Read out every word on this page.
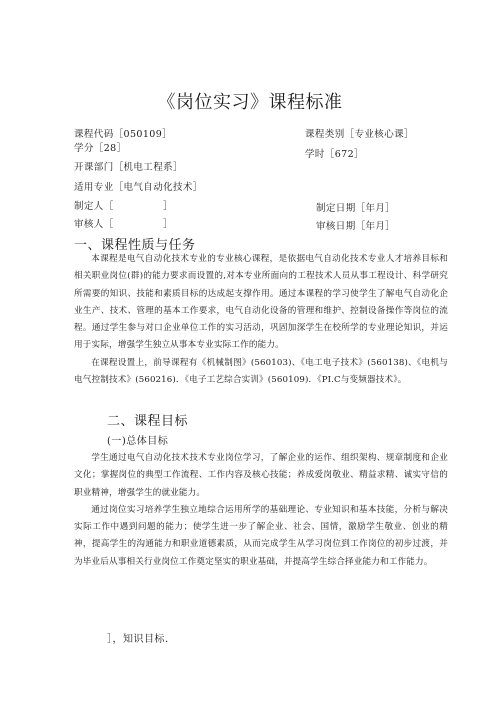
《岗位实习》课程标准
课程代码［050109］	课程类别［专业核心课］
学分［28］
学时［672］
开课部门［机电工程系］
适用专业［电气自动化技术］
制定人［　　　　　］	制定日期［年月］
审核人［　　　　　］	审核日期［年月］
一、课程性质与任务

本课程是电气自动化技术专业的专业核心课程，是依据电气自动化技术专业人才培养目标和相关职业岗位(群)的能力要求而设置的,对本专业所面向的工程技术人员从事工程设计、科学研究所需要的知识、技能和素质目标的达成起支撑作用。通过本课程的学习使学生了解电气自动化企业生产、技术、管理的基本工作要求，电气自动化设备的管理和维护、控制设备操作等岗位的流程。通过学生参与对口企业单位工作的实习活动，巩固加深学生在校所学的专业理论知识，并运用于实际，增强学生独立从事本专业实际工作的能力。

在课程设置上，前导课程有《机械制图》(560103)、《电工电子技术》(560138)、《电机与电气控制技术》(560216)．《电子工艺综合实训》(560109)．《PI.C与变频器技术》。

二、课程目标
(一)总体目标

学生通过电气自动化技术技术专业岗位学习，了解企业的运作、组织架构、规章制度和企业文化；掌握岗位的典型工作流程、工作内容及核心技能；养成爱岗敬业、精益求精、诚实守信的职业精神，增强学生的就业能力。

通过岗位实习培养学生独立地综合运用所学的基础理论、专业知识和基本技能，分析与解决实际工作中遇到问题的能力；使学生进一步了解企业、社会、国情，激励学生敬业、创业的精神，提高学生的沟通能力和职业道德素质，从而完成学生从学习岗位到工作岗位的初步过渡，并为毕业后从事相关行业岗位工作奠定坚实的职业基础，并提高学生综合择业能力和工作能力。

］，知识目标．
